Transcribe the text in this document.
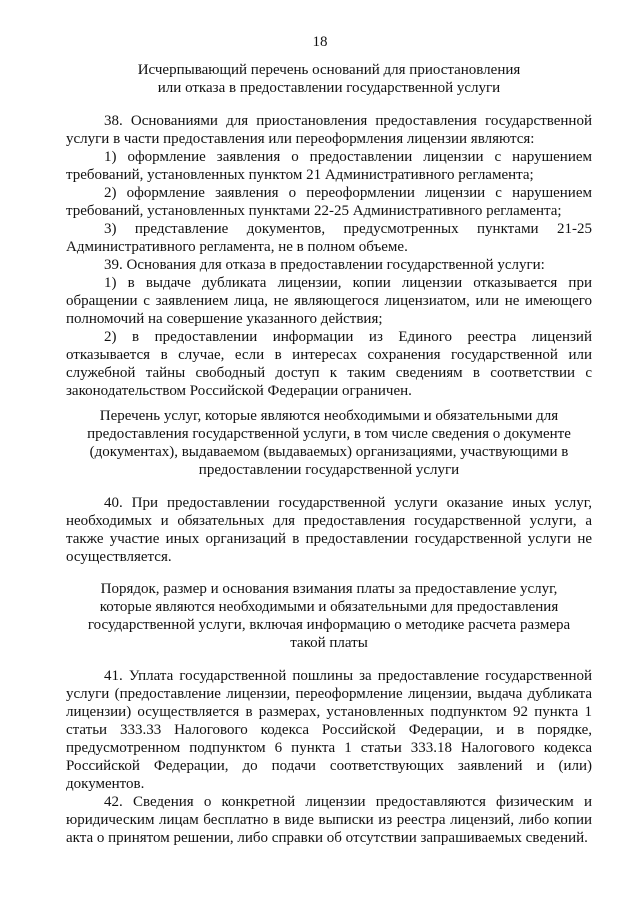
18
Исчерпывающий перечень оснований для приостановления
или отказа в предоставлении государственной услуги
38. Основаниями для приостановления предоставления государственной
услуги в части предоставления или переоформления лицензии являются:
1) оформление заявления о предоставлении лицензии с нарушением
требований, установленных пунктом 21 Административного регламента;
2) оформление заявления о переоформлении лицензии с нарушением
требований, установленных пунктами 22-25 Административного регламента;
3) представление документов, предусмотренных пунктами 21-25
Административного регламента, не в полном объеме.
39. Основания для отказа в предоставлении государственной услуги:
1) в выдаче дубликата лицензии, копии лицензии отказывается при
обращении с заявлением лица, не являющегося лицензиатом, или не имеющего
полномочий на совершение указанного действия;
2) в предоставлении информации из Единого реестра лицензий
отказывается в случае, если в интересах сохранения государственной или
служебной тайны свободный доступ к таким сведениям в соответствии с
законодательством Российской Федерации ограничен.
Перечень услуг, которые являются необходимыми и обязательными для
предоставления государственной услуги, в том числе сведения о документе
(документах), выдаваемом (выдаваемых) организациями, участвующими в
предоставлении государственной услуги
40. При предоставлении государственной услуги оказание иных услуг,
необходимых и обязательных для предоставления государственной услуги, а
также участие иных организаций в предоставлении государственной услуги не
осуществляется.
Порядок, размер и основания взимания платы за предоставление услуг,
которые являются необходимыми и обязательными для предоставления
государственной услуги, включая информацию о методике расчета размера
такой платы
41. Уплата государственной пошлины за предоставление государственной
услуги (предоставление лицензии, переоформление лицензии, выдача дубликата
лицензии) осуществляется в размерах, установленных подпунктом 92 пункта 1
статьи 333.33 Налогового кодекса Российской Федерации, и в порядке,
предусмотренном подпунктом 6 пункта 1 статьи 333.18 Налогового кодекса
Российской Федерации, до подачи соответствующих заявлений и (или)
документов.
42. Сведения о конкретной лицензии предоставляются физическим и
юридическим лицам бесплатно в виде выписки из реестра лицензий, либо копии
акта о принятом решении, либо справки об отсутствии запрашиваемых сведений.
